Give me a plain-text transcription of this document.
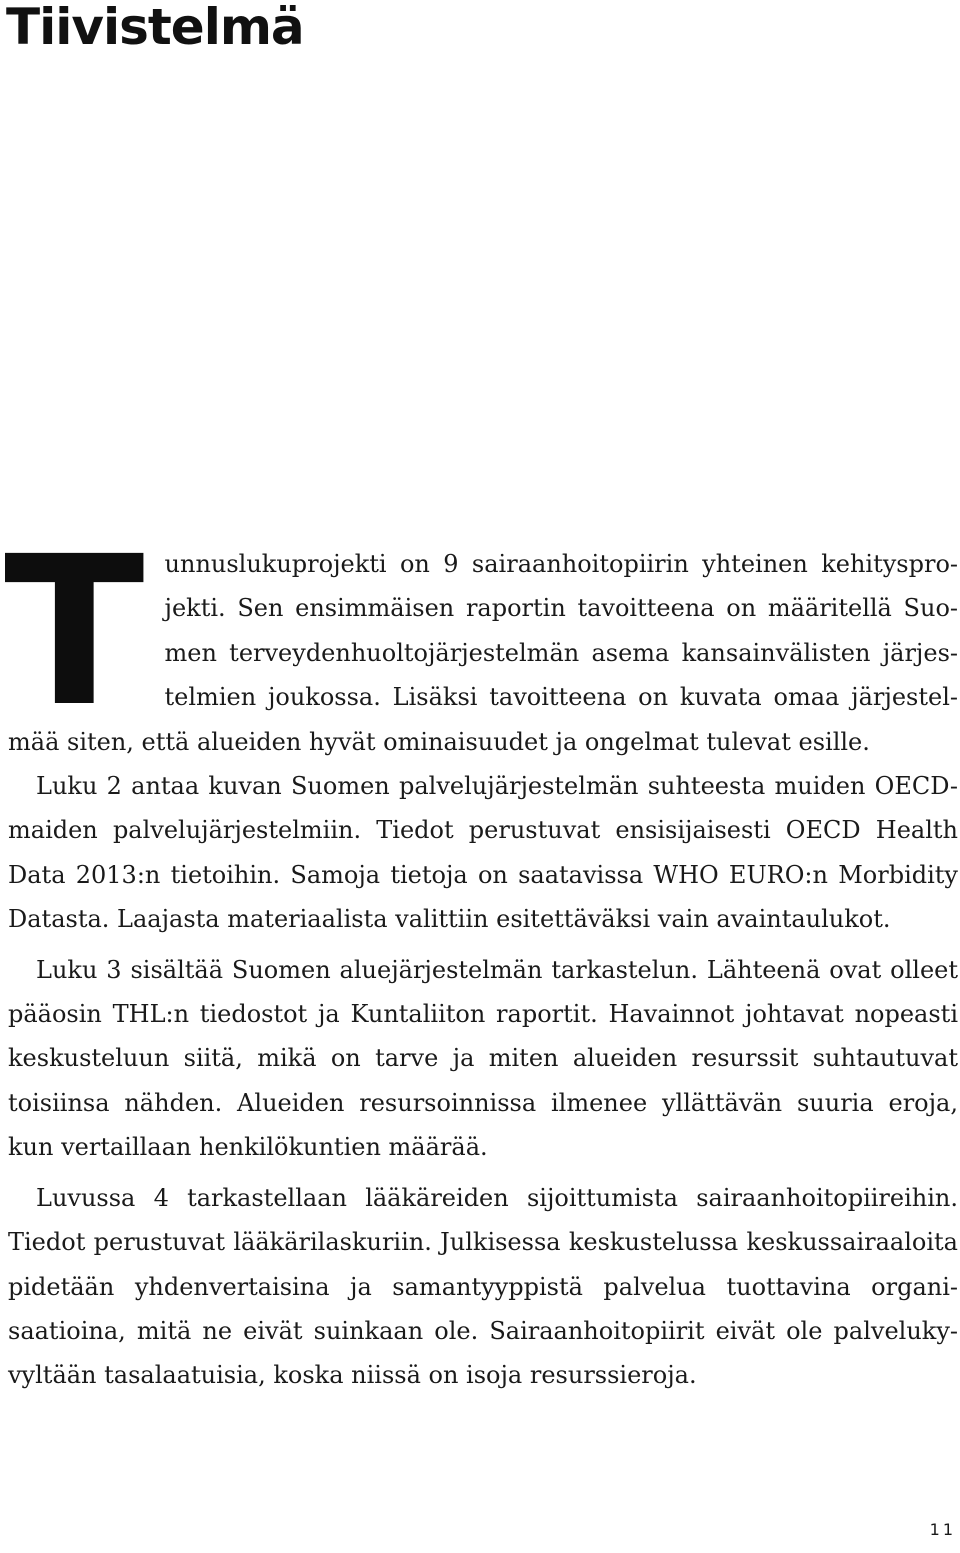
Tiivistelmä

Tunnuslukuprojekti on 9 sairaanhoitopiirin yhteinen kehitysprojekti. Sen ensimmäisen raportin tavoitteena on määritellä Suomen terveydenhuoltojärjestelmän asema kansainvälisten järjestelmien joukossa. Lisäksi tavoitteena on kuvata omaa järjestelmää siten, että alueiden hyvät ominaisuudet ja ongelmat tulevat esille.

Luku 2 antaa kuvan Suomen palvelujärjestelmän suhteesta muiden OECD-maiden palvelujärjestelmiin. Tiedot perustuvat ensisijaisesti OECD Health Data 2013:n tietoihin. Samoja tietoja on saatavissa WHO EURO:n Morbidity Datasta. Laajasta materiaalista valittiin esitettäväksi vain avaintaulukot.

Luku 3 sisältää Suomen aluejärjestelmän tarkastelun. Lähteenä ovat olleet pääosin THL:n tiedostot ja Kuntaliiton raportit. Havainnot johtavat nopeasti keskusteluun siitä, mikä on tarve ja miten alueiden resurssit suhtautuvat toisiinsa nähden. Alueiden resursoinnissa ilmenee yllättävän suuria eroja, kun vertaillaan henkilökuntien määrää.

Luvussa 4 tarkastellaan lääkäreiden sijoittumista sairaanhoitopiireihin. Tiedot perustuvat lääkärilaskuriin. Julkisessa keskustelussa keskussairaaloita pidetään yhdenvertaisina ja samantyyppistä palvelua tuottavina organisaatioina, mitä ne eivät suinkaan ole. Sairaanhoitopiirit eivät ole palvelukyvyltään tasalaatuisia, koska niissä on isoja resurssieroja.

11
